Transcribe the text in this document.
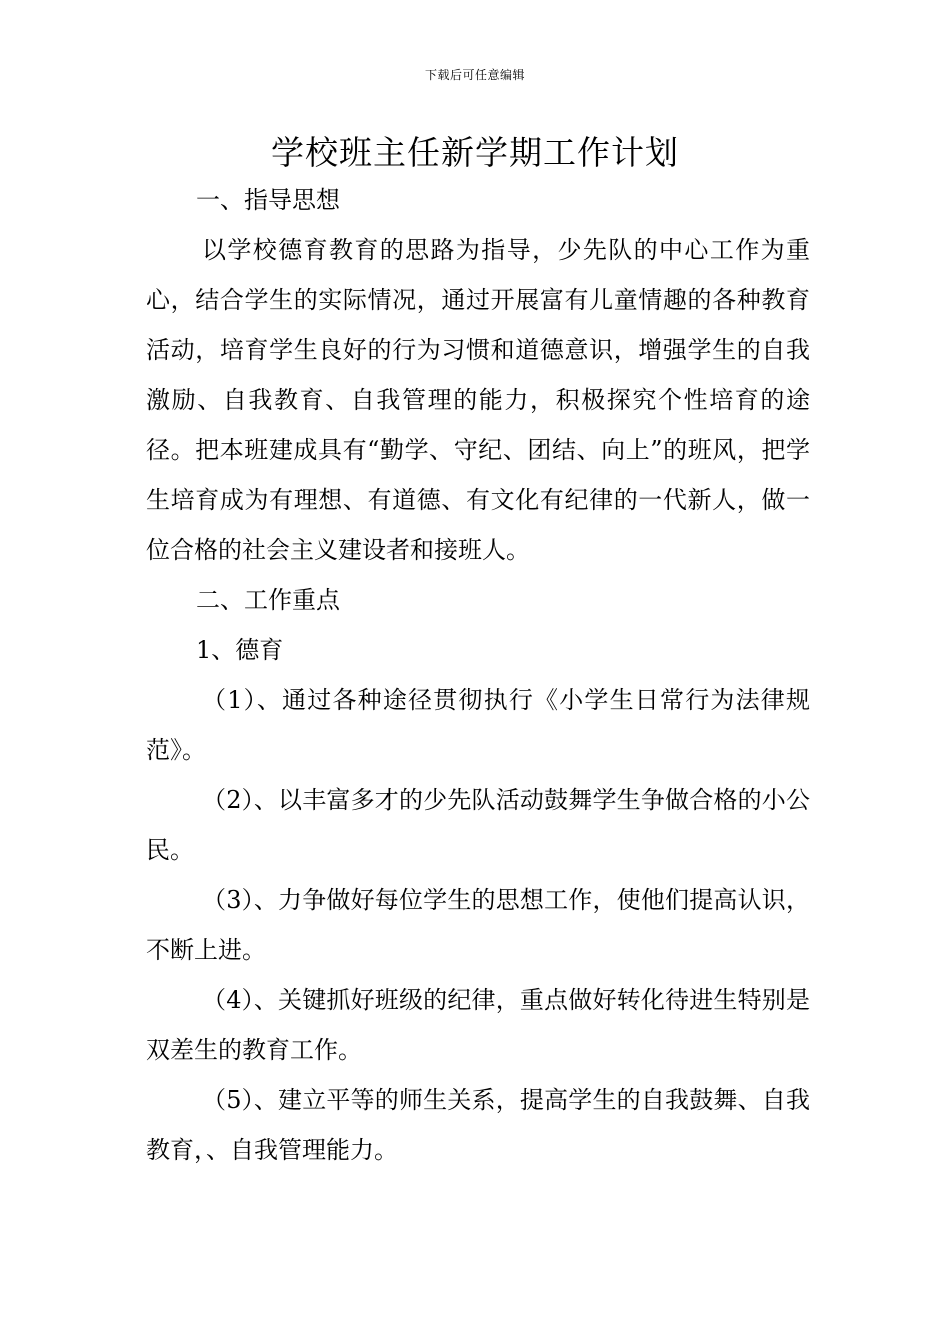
下载后可任意编辑
学校班主任新学期工作计划

一、指导思想

以学校德育教育的思路为指导，少先队的中心工作为重心，结合学生的实际情况，通过开展富有儿童情趣的各种教育活动，培育学生良好的行为习惯和道德意识，增强学生的自我激励、自我教育、自我管理的能力，积极探究个性培育的途径。把本班建成具有“勤学、守纪、团结、向上”的班风，把学生培育成为有理想、有道德、有文化有纪律的一代新人，做一位合格的社会主义建设者和接班人。

二、工作重点

1、德育

（1）、通过各种途径贯彻执行《小学生日常行为法律规范》。

（2）、以丰富多才的少先队活动鼓舞学生争做合格的小公民。

（3）、力争做好每位学生的思想工作，使他们提高认识，不断上进。

（4）、关键抓好班级的纪律，重点做好转化待进生特别是双差生的教育工作。

（5）、建立平等的师生关系，提高学生的自我鼓舞、自我教育，、自我管理能力。
